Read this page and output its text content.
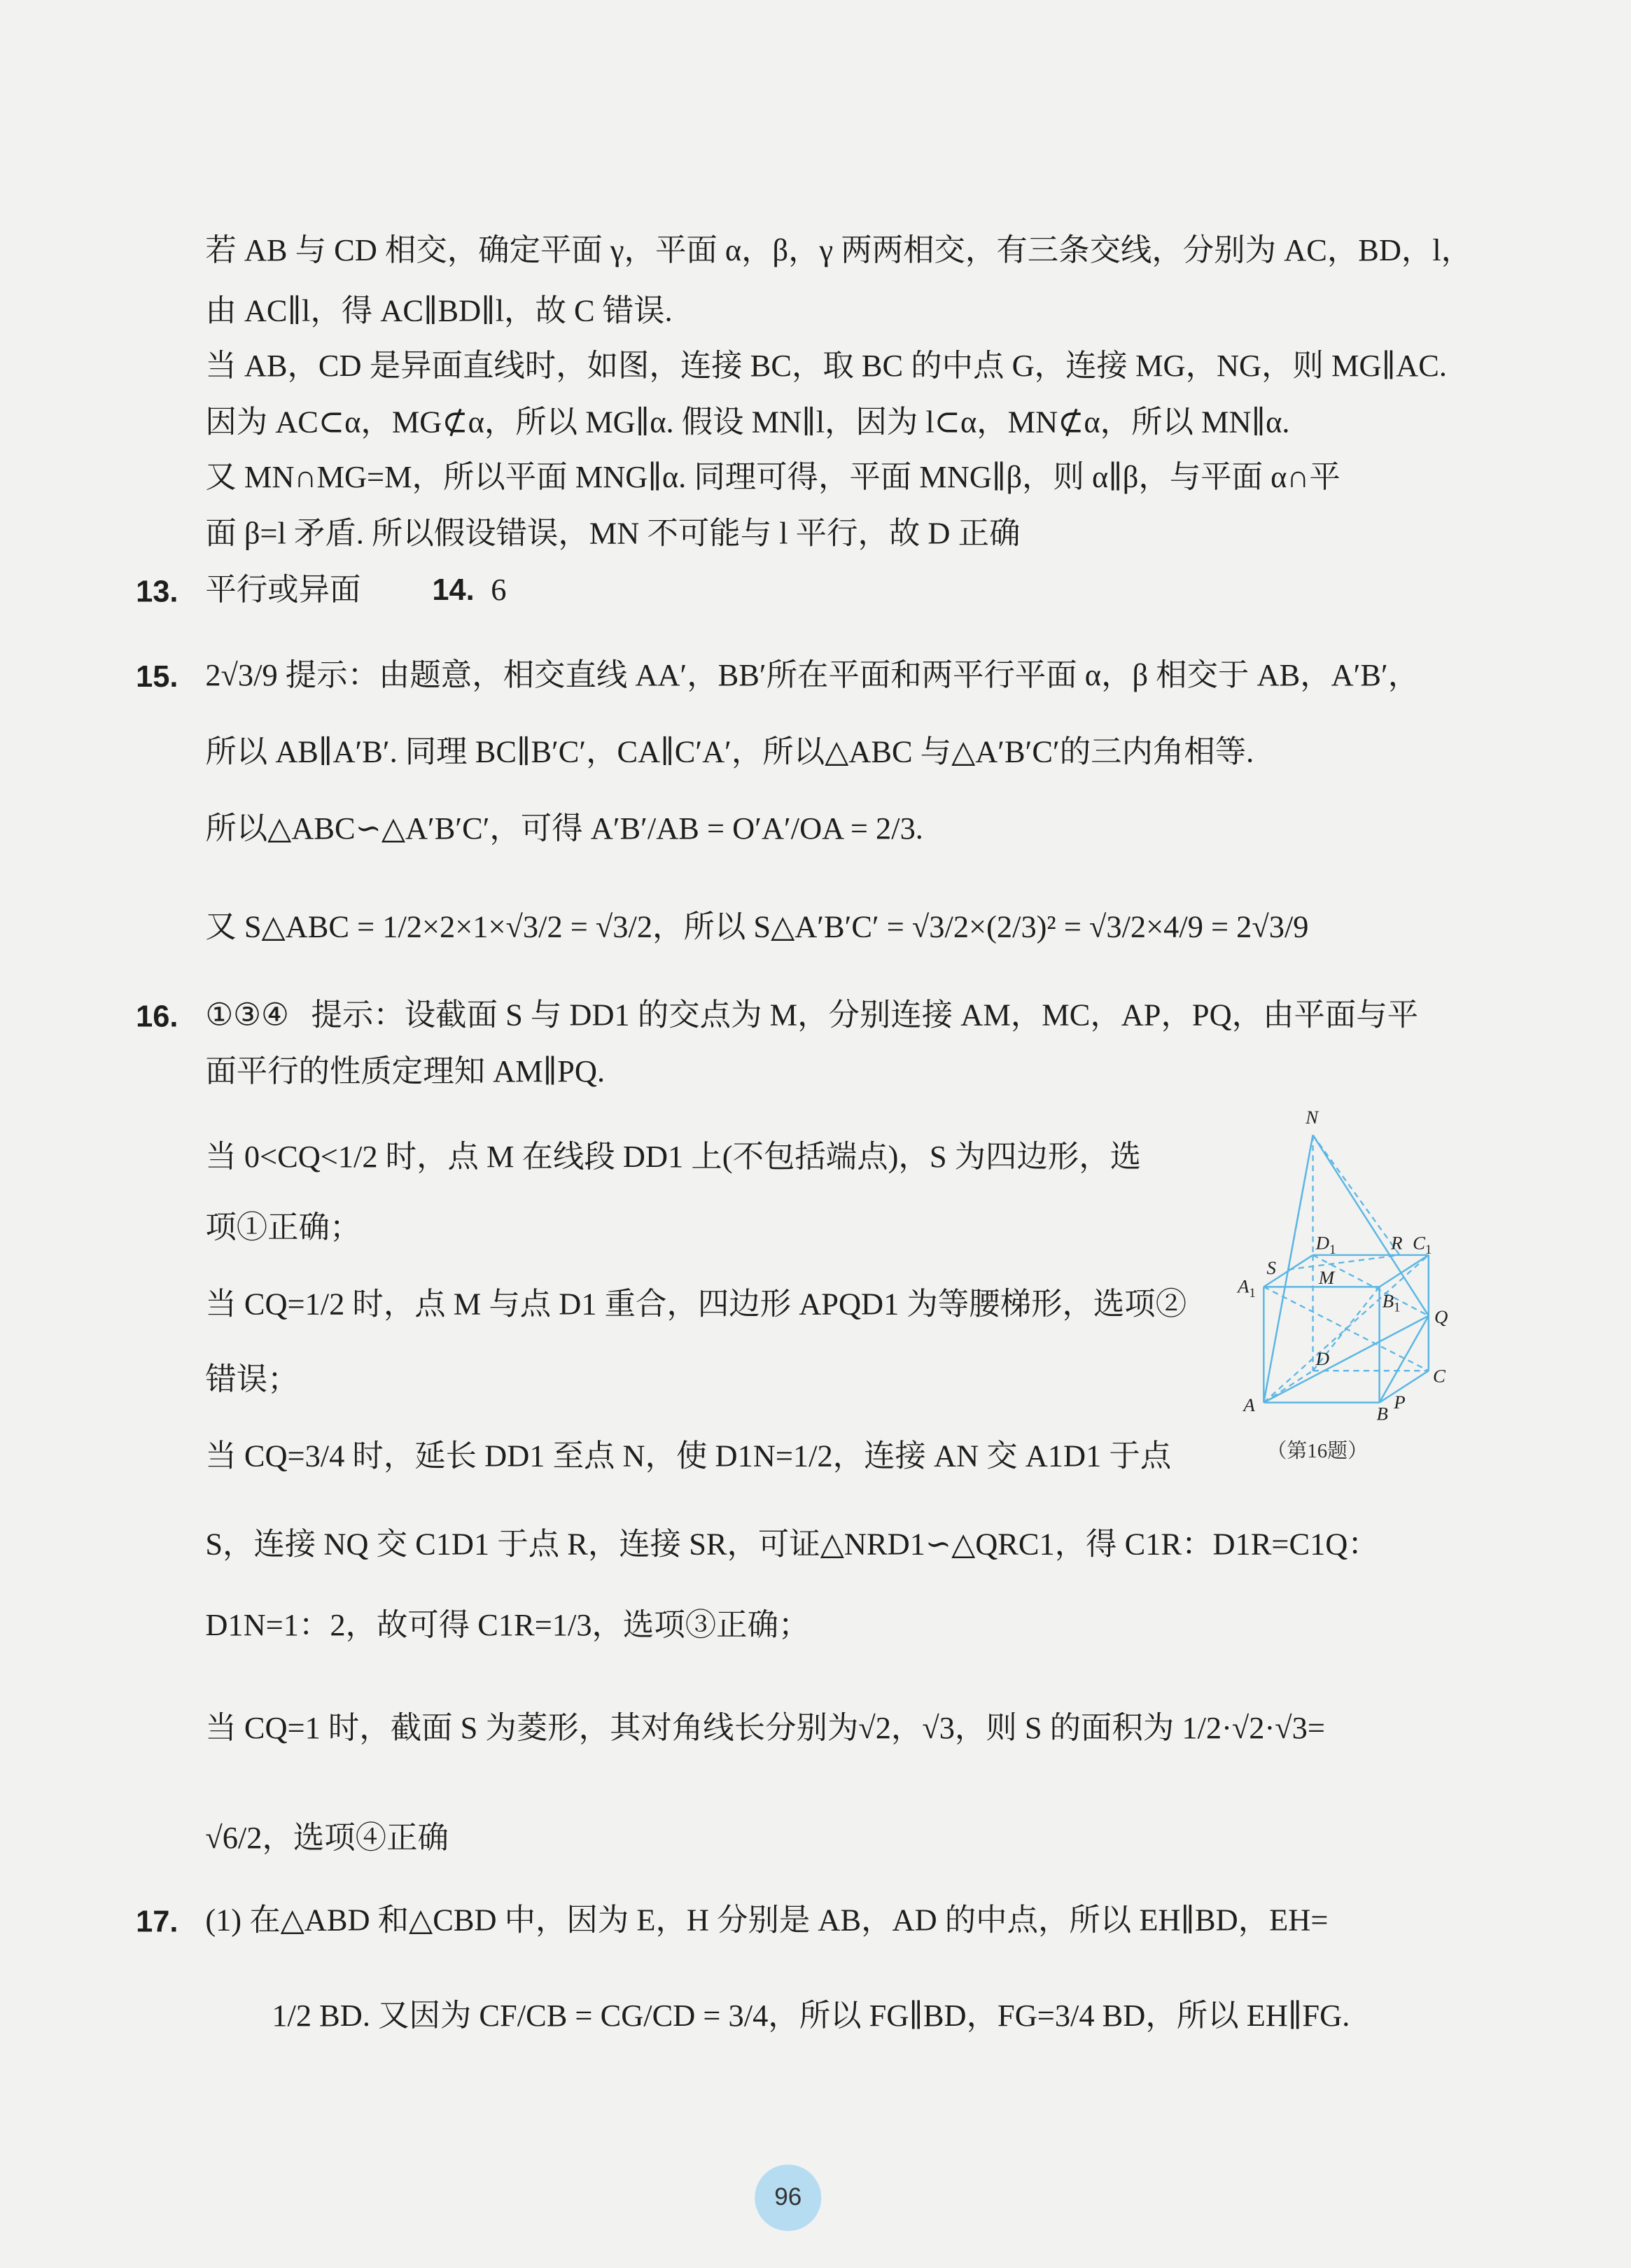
若 AB 与 CD 相交，确定平面 γ，平面 α，β，γ 两两相交，有三条交线，分别为 AC，BD，l，
由 AC∥l，得 AC∥BD∥l，故 C 错误.
当 AB，CD 是异面直线时，如图，连接 BC，取 BC 的中点 G，连接 MG，NG，则 MG∥AC.
因为 AC⊂α，MG⊄α，所以 MG∥α. 假设 MN∥l，因为 l⊂α，MN⊄α，所以 MN∥α.
又 MN∩MG=M，所以平面 MNG∥α. 同理可得，平面 MNG∥β，则 α∥β，与平面 α∩平
面 β=l 矛盾. 所以假设错误，MN 不可能与 l 平行，故 D 正确
13. 平行或异面	14. 6
15. 2√3/9 提示：由题意，相交直线 AA′，BB′所在平面和两平行平面 α，β 相交于 AB，A′B′，
所以 AB∥A′B′. 同理 BC∥B′C′，CA∥C′A′，所以△ABC 与△A′B′C′的三内角相等.
所以△ABC∽△A′B′C′，可得 A′B′/AB = O′A′/OA = 2/3.
又 S△ABC = 1/2×2×1×√3/2 = √3/2，所以 S△A′B′C′ = √3/2×(2/3)² = √3/2×4/9 = 2√3/9
16. ①③④ 提示：设截面 S 与 DD1 的交点为 M，分别连接 AM，MC，AP，PQ，由平面与平
面平行的性质定理知 AM∥PQ.
当 0<CQ<1/2 时，点 M 在线段 DD1 上(不包括端点)，S 为四边形，选
项①正确；
当 CQ=1/2 时，点 M 与点 D1 重合，四边形 APQD1 为等腰梯形，选项②
错误；
当 CQ=3/4 时，延长 DD1 至点 N，使 D1N=1/2，连接 AN 交 A1D1 于点
S，连接 NQ 交 C1D1 于点 R，连接 SR，可证△NRD1∽△QRC1，得 C1R：D1R=C1Q：
D1N=1：2，故可得 C1R=1/3，选项③正确；
当 CQ=1 时，截面 S 为菱形，其对角线长分别为√2，√3，则 S 的面积为 1/2·√2·√3=
√6/2，选项④正确
N
$D_1$	R $C_1$
S	M
$A_1$	$B_1$	Q
D
C
A	B
P
（第16题）
17. (1) 在△ABD 和△CBD 中，因为 E，H 分别是 AB，AD 的中点，所以 EH∥BD，EH=
1/2 BD. 又因为 CF/CB = CG/CD = 3/4，所以 FG∥BD，FG=3/4 BD，所以 EH∥FG.
96
